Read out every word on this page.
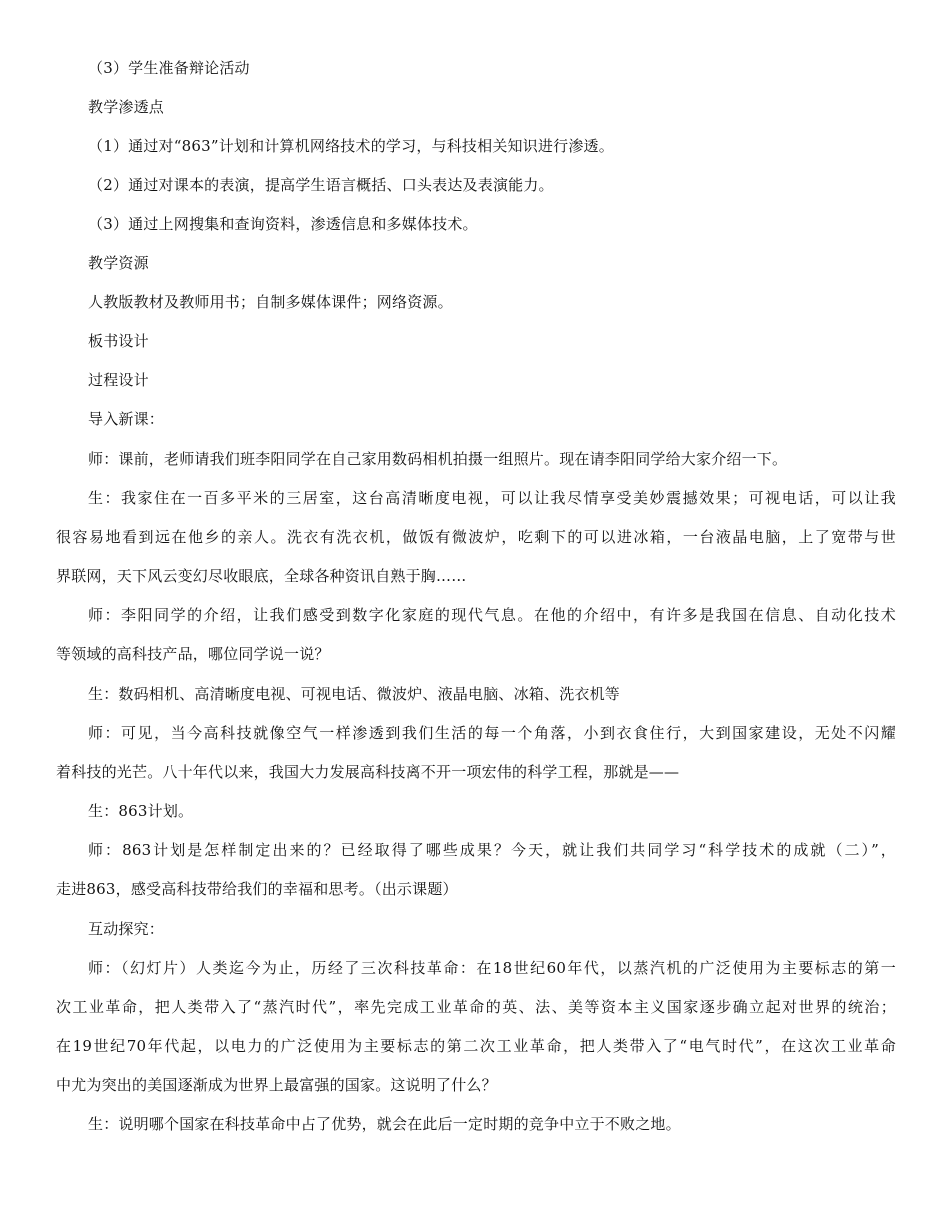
（3）学生准备辩论活动
教学渗透点
（1）通过对“863”计划和计算机网络技术的学习，与科技相关知识进行渗透。
（2）通过对课本的表演，提高学生语言概括、口头表达及表演能力。
（3）通过上网搜集和查询资料，渗透信息和多媒体技术。
教学资源
人教版教材及教师用书；自制多媒体课件；网络资源。
板书设计
过程设计
导入新课：
师：课前，老师请我们班李阳同学在自己家用数码相机拍摄一组照片。现在请李阳同学给大家介绍一下。
生：我家住在一百多平米的三居室，这台高清晰度电视，可以让我尽情享受美妙震撼效果；可视电话，可以让我
很容易地看到远在他乡的亲人。洗衣有洗衣机，做饭有微波炉，吃剩下的可以进冰箱，一台液晶电脑，上了宽带与世
界联网，天下风云变幻尽收眼底，全球各种资讯自熟于胸……
师：李阳同学的介绍，让我们感受到数字化家庭的现代气息。在他的介绍中，有许多是我国在信息、自动化技术
等领域的高科技产品，哪位同学说一说？
生：数码相机、高清晰度电视、可视电话、微波炉、液晶电脑、冰箱、洗衣机等
师：可见，当今高科技就像空气一样渗透到我们生活的每一个角落，小到衣食住行，大到国家建设，无处不闪耀
着科技的光芒。八十年代以来，我国大力发展高科技离不开一项宏伟的科学工程，那就是——
生：863计划。
师：863计划是怎样制定出来的？已经取得了哪些成果？今天，就让我们共同学习“科学技术的成就（二）”，
走进863，感受高科技带给我们的幸福和思考。（出示课题）
互动探究：
师：（幻灯片）人类迄今为止，历经了三次科技革命：在18世纪60年代，以蒸汽机的广泛使用为主要标志的第一
次工业革命，把人类带入了“蒸汽时代”，率先完成工业革命的英、法、美等资本主义国家逐步确立起对世界的统治；
在19世纪70年代起，以电力的广泛使用为主要标志的第二次工业革命，把人类带入了“电气时代”，在这次工业革命
中尤为突出的美国逐渐成为世界上最富强的国家。这说明了什么？
生：说明哪个国家在科技革命中占了优势，就会在此后一定时期的竞争中立于不败之地。
